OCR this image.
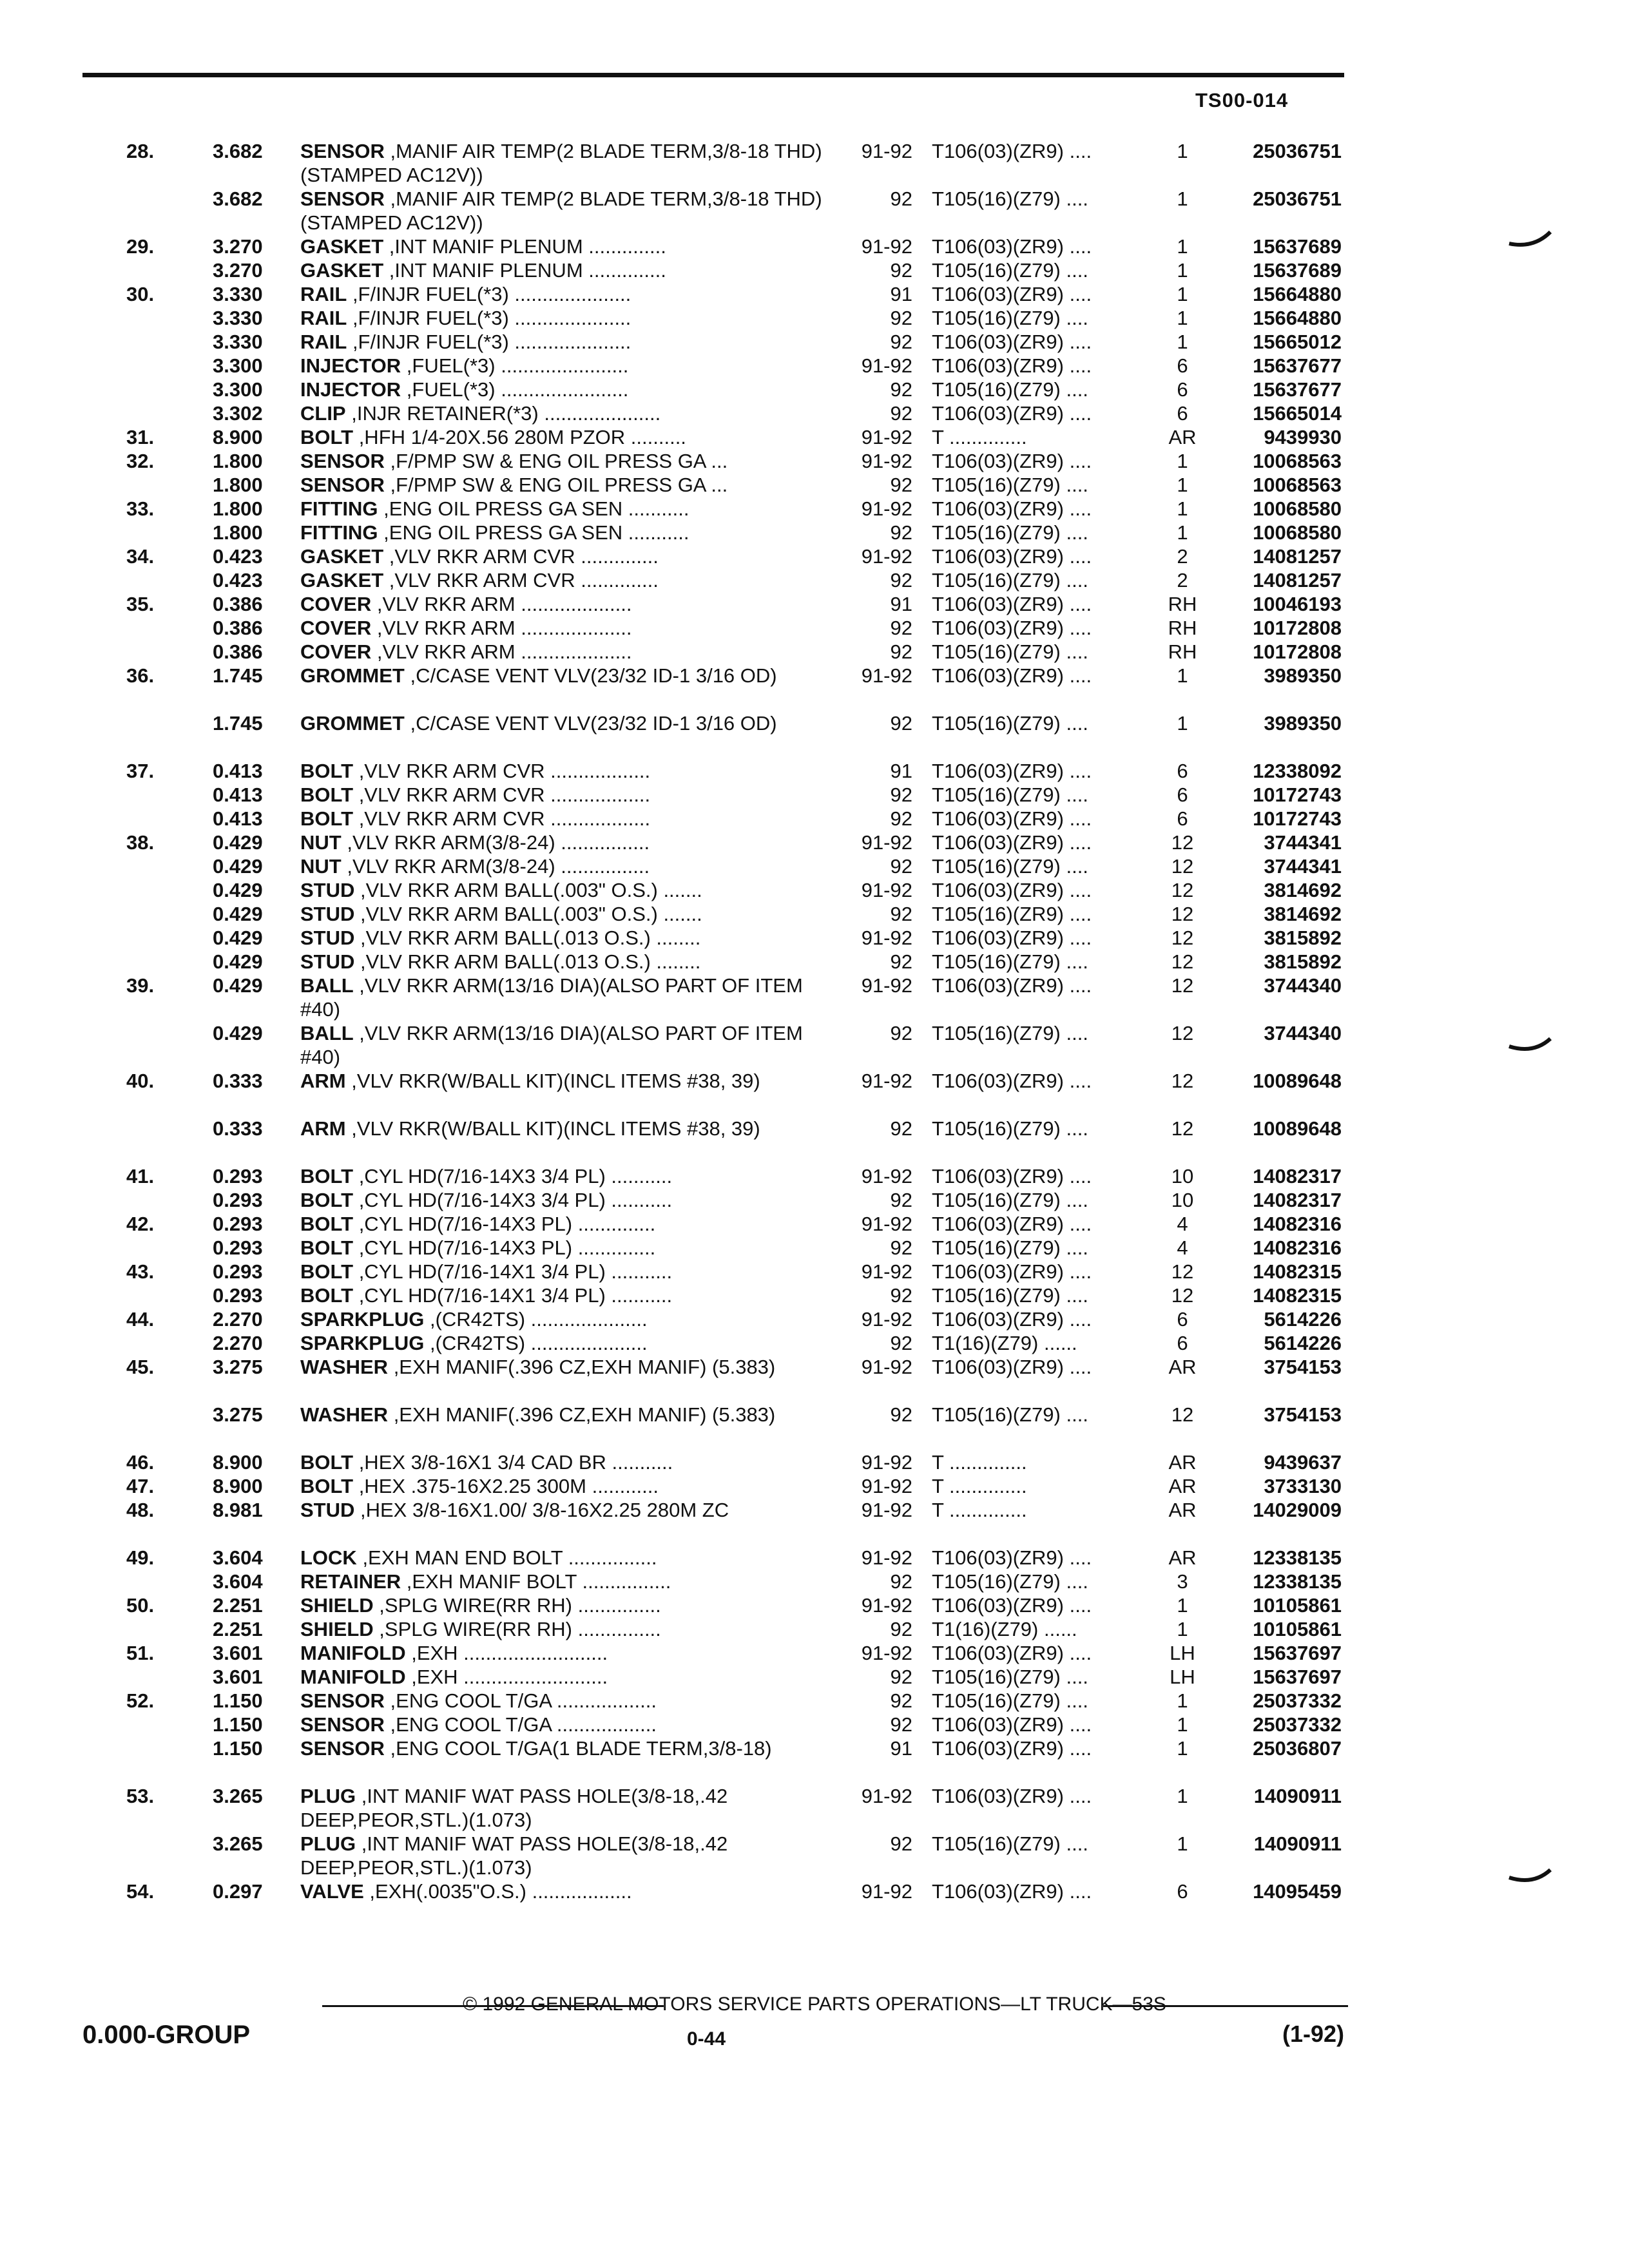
TS00-014
28.	3.682 SENSOR ,MANIF AIR TEMP(2 BLADE TERM,3/8-18 THD)(STAMPED AC12V))
91-92 T106(03)(ZR9) ....	1	25036751
3.682 SENSOR ,MANIF AIR TEMP(2 BLADE TERM,3/8-18 THD)(STAMPED AC12V))
92 T105(16)(Z79) ....	1	25036751
29.	3.270 GASKET ,INT MANIF PLENUM ..............	91-92 T106(03)(ZR9) ....	1	15637689
3.270 GASKET ,INT MANIF PLENUM ..............	92 T105(16)(Z79) ....	1	15637689
30.	3.330 RAIL ,F/INJR FUEL(*3) .....................	91 T106(03)(ZR9) ....	1	15664880
3.330 RAIL ,F/INJR FUEL(*3) .....................	92 T105(16)(Z79) ....	1	15664880
3.330 RAIL ,F/INJR FUEL(*3) .....................	92 T106(03)(ZR9) ....	1	15665012
3.300 INJECTOR ,FUEL(*3) .......................	91-92 T106(03)(ZR9) ....	6	15637677
3.300 INJECTOR ,FUEL(*3) .......................	92 T105(16)(Z79) ....	6	15637677
3.302 CLIP ,INJR RETAINER(*3) .....................	92 T106(03)(ZR9) ....	6	15665014
31.	8.900 BOLT ,HFH 1/4-20X.56 280M PZOR ..........	91-92 T ..............	AR	9439930
32.	1.800 SENSOR ,F/PMP SW & ENG OIL PRESS GA ...	91-92 T106(03)(ZR9) ....	1	10068563
1.800 SENSOR ,F/PMP SW & ENG OIL PRESS GA ...	92 T105(16)(Z79) ....	1	10068563
33.	1.800 FITTING ,ENG OIL PRESS GA SEN ...........	91-92 T106(03)(ZR9) ....	1	10068580
1.800 FITTING ,ENG OIL PRESS GA SEN ...........	92 T105(16)(Z79) ....	1	10068580
34.	0.423 GASKET ,VLV RKR ARM CVR ..............	91-92 T106(03)(ZR9) ....	2	14081257
0.423 GASKET ,VLV RKR ARM CVR ..............	92 T105(16)(Z79) ....	2	14081257
35.	0.386 COVER ,VLV RKR ARM ....................	91 T106(03)(ZR9) ....	RH	10046193
0.386 COVER ,VLV RKR ARM ....................	92 T106(03)(ZR9) ....	RH	10172808
0.386 COVER ,VLV RKR ARM ....................	92 T105(16)(Z79) ....	RH	10172808
36.	1.745 GROMMET ,C/CASE VENT VLV(23/32 ID-1 3/16 OD)	91-92 T106(03)(ZR9) ....	1	3989350
1.745 GROMMET ,C/CASE VENT VLV(23/32 ID-1 3/16 OD)	92 T105(16)(Z79) ....	1	3989350
37.	0.413 BOLT ,VLV RKR ARM CVR ..................	91 T106(03)(ZR9) ....	6	12338092
0.413 BOLT ,VLV RKR ARM CVR ..................	92 T105(16)(Z79) ....	6	10172743
0.413 BOLT ,VLV RKR ARM CVR ..................	92 T106(03)(ZR9) ....	6	10172743
38.	0.429 NUT ,VLV RKR ARM(3/8-24) ................	91-92 T106(03)(ZR9) ....	12	3744341
0.429 NUT ,VLV RKR ARM(3/8-24) ................	92 T105(16)(Z79) ....	12	3744341
0.429 STUD ,VLV RKR ARM BALL(.003" O.S.) .......	91-92 T106(03)(ZR9) ....	12	3814692
0.429 STUD ,VLV RKR ARM BALL(.003" O.S.) .......	92 T105(16)(ZR9) ....	12	3814692
0.429 STUD ,VLV RKR ARM BALL(.013 O.S.) ........	91-92 T106(03)(ZR9) ....	12	3815892
0.429 STUD ,VLV RKR ARM BALL(.013 O.S.) ........	92 T105(16)(Z79) ....	12	3815892
39.	0.429 BALL ,VLV RKR ARM(13/16 DIA)(ALSO PART OF ITEM #40)
91-92 T106(03)(ZR9) ....	12	3744340
0.429 BALL ,VLV RKR ARM(13/16 DIA)(ALSO PART OF ITEM #40)
92 T105(16)(Z79) ....	12	3744340
40.	0.333 ARM ,VLV RKR(W/BALL KIT)(INCL ITEMS #38, 39)	91-92 T106(03)(ZR9) ....	12	10089648
0.333 ARM ,VLV RKR(W/BALL KIT)(INCL ITEMS #38, 39)	92 T105(16)(Z79) ....	12	10089648
41.	0.293 BOLT ,CYL HD(7/16-14X3 3/4 PL) ...........	91-92 T106(03)(ZR9) ....	10	14082317
0.293 BOLT ,CYL HD(7/16-14X3 3/4 PL) ...........	92 T105(16)(Z79) ....	10	14082317
42.	0.293 BOLT ,CYL HD(7/16-14X3 PL) ..............	91-92 T106(03)(ZR9) ....	4	14082316
0.293 BOLT ,CYL HD(7/16-14X3 PL) ..............	92 T105(16)(Z79) ....	4	14082316
43.	0.293 BOLT ,CYL HD(7/16-14X1 3/4 PL) ...........	91-92 T106(03)(ZR9) ....	12	14082315
0.293 BOLT ,CYL HD(7/16-14X1 3/4 PL) ...........	92 T105(16)(Z79) ....	12	14082315
44.	2.270 SPARKPLUG ,(CR42TS) .....................	91-92 T106(03)(ZR9) ....	6	5614226
2.270 SPARKPLUG ,(CR42TS) .....................	92 T1(16)(Z79) ......	6	5614226
45.	3.275 WASHER ,EXH MANIF(.396 CZ,EXH MANIF) (5.383)	91-92 T106(03)(ZR9) ....	AR	3754153
3.275 WASHER ,EXH MANIF(.396 CZ,EXH MANIF) (5.383)	92 T105(16)(Z79) ....	12	3754153
46.	8.900 BOLT ,HEX 3/8-16X1 3/4 CAD BR ...........	91-92 T ..............	AR	9439637
47.	8.900 BOLT ,HEX .375-16X2.25 300M ............	91-92 T ..............	AR	3733130
48.	8.981 STUD ,HEX 3/8-16X1.00/ 3/8-16X2.25 280M ZC	91-92 T ..............	AR	14029009
49.	3.604 LOCK ,EXH MAN END BOLT ................	91-92 T106(03)(ZR9) ....	AR	12338135
3.604 RETAINER ,EXH MANIF BOLT ................	92 T105(16)(Z79) ....	3	12338135
50.	2.251 SHIELD ,SPLG WIRE(RR RH) ...............	91-92 T106(03)(ZR9) ....	1	10105861
2.251 SHIELD ,SPLG WIRE(RR RH) ...............	92 T1(16)(Z79) ......	1	10105861
51.	3.601 MANIFOLD ,EXH ..........................	91-92 T106(03)(ZR9) ....	LH	15637697
3.601 MANIFOLD ,EXH ..........................	92 T105(16)(Z79) ....	LH	15637697
52.	1.150 SENSOR ,ENG COOL T/GA ..................	92 T105(16)(Z79) ....	1	25037332
1.150 SENSOR ,ENG COOL T/GA ..................	92 T106(03)(ZR9) ....	1	25037332
1.150 SENSOR ,ENG COOL T/GA(1 BLADE TERM,3/8-18)	91 T106(03)(ZR9) ....	1	25036807
53.	3.265 PLUG ,INT MANIF WAT PASS HOLE(3/8-18,.42 DEEP,PEOR,STL.)(1.073)
91-92 T106(03)(ZR9) ....	1	14090911
3.265 PLUG ,INT MANIF WAT PASS HOLE(3/8-18,.42 DEEP,PEOR,STL.)(1.073)
92 T105(16)(Z79) ....	1	14090911
54.	0.297 VALVE ,EXH(.0035"O.S.) ..................	91-92 T106(03)(ZR9) ....	6	14095459
© 1992 GENERAL MOTORS SERVICE PARTS OPERATIONS—LT TRUCK—53S
0.000-GROUP	0-44	(1-92)
